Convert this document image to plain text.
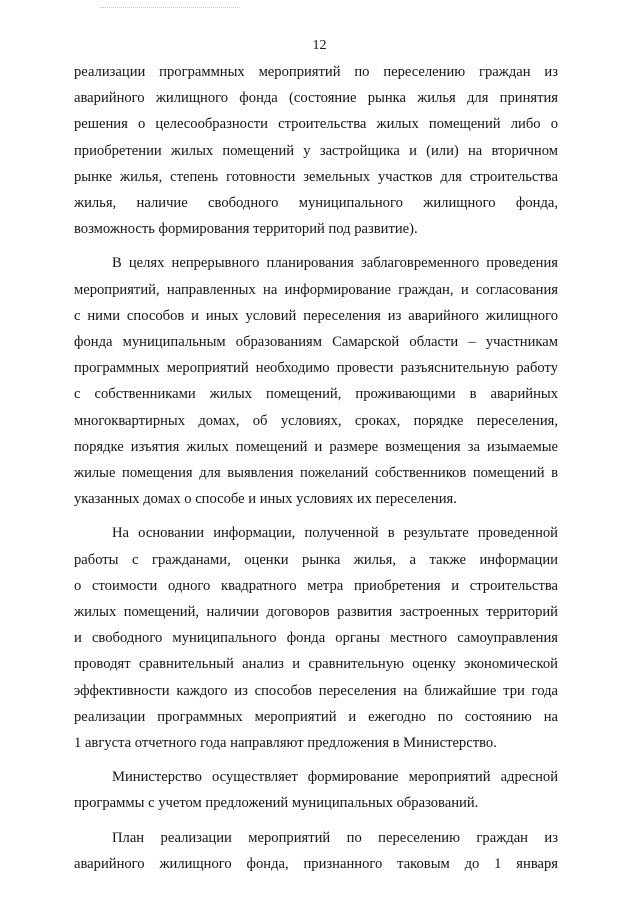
12

реализации программных мероприятий по переселению граждан из
аварийного жилищного фонда (состояние рынка жилья для принятия
решения о целесообразности строительства жилых помещений либо о
приобретении жилых помещений у застройщика и (или) на вторичном
рынке жилья, степень готовности земельных участков для строительства
жилья, наличие свободного муниципального жилищного фонда,
возможность формирования территорий под развитие).

В целях непрерывного планирования заблаговременного проведения
мероприятий, направленных на информирование граждан, и согласования
с ними способов и иных условий переселения из аварийного жилищного
фонда муниципальным образованиям Самарской области – участникам
программных мероприятий необходимо провести разъяснительную работу
с собственниками жилых помещений, проживающими в аварийных
многоквартирных домах, об условиях, сроках, порядке переселения,
порядке изъятия жилых помещений и размере возмещения за изымаемые
жилые помещения для выявления пожеланий собственников помещений в
указанных домах о способе и иных условиях их переселения.

На основании информации, полученной в результате проведенной
работы с гражданами, оценки рынка жилья, а также информации
о стоимости одного квадратного метра приобретения и строительства
жилых помещений, наличии договоров развития застроенных территорий
и свободного муниципального фонда органы местного самоуправления
проводят сравнительный анализ и сравнительную оценку экономической
эффективности каждого из способов переселения на ближайшие три года
реализации программных мероприятий и ежегодно по состоянию на
1 августа отчетного года направляют предложения в Министерство.

Министерство осуществляет формирование мероприятий адресной
программы с учетом предложений муниципальных образований.

План реализации мероприятий по переселению граждан из
аварийного жилищного фонда, признанного таковым до 1 января
